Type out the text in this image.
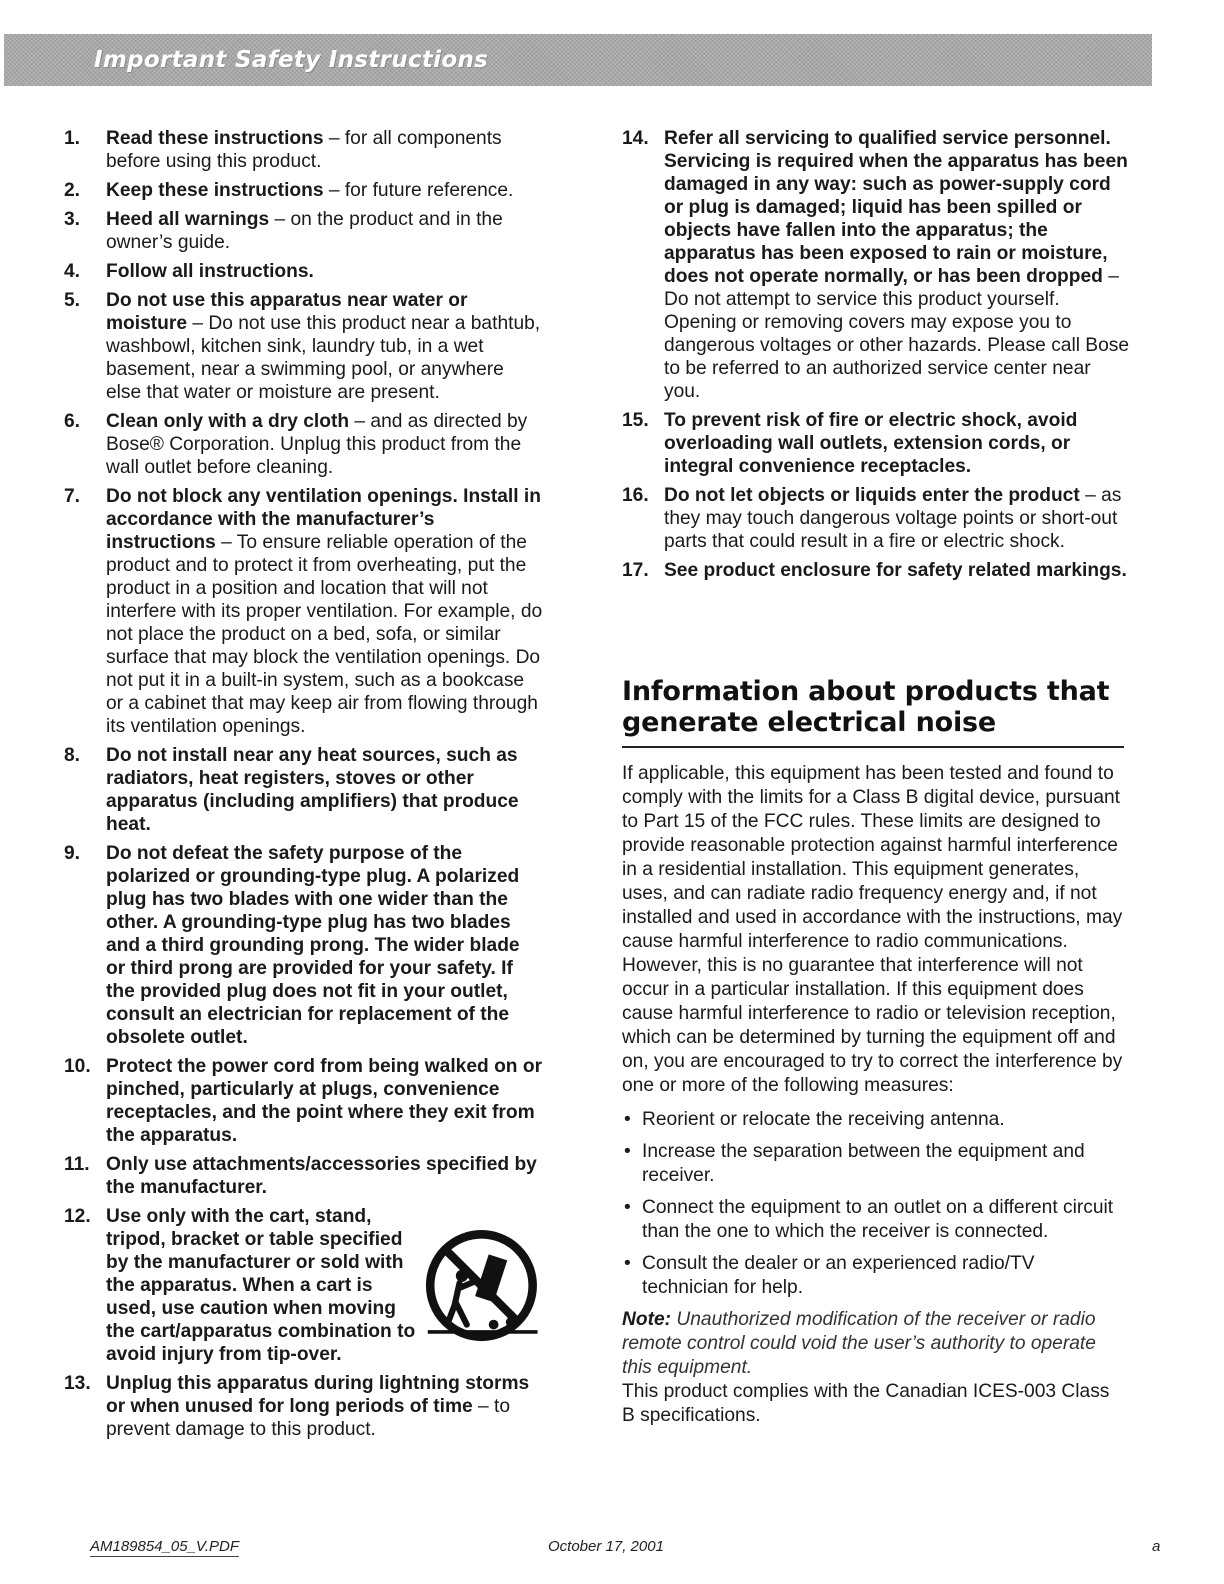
Important Safety Instructions
1.	Read these instructions – for all components before using this product.
2.	Keep these instructions – for future reference.
3.	Heed all warnings – on the product and in the owner’s guide.
4.	Follow all instructions.
5.	Do not use this apparatus near water or moisture – Do not use this product near a bathtub, washbowl, kitchen sink, laundry tub, in a wet basement, near a swimming pool, or anywhere else that water or moisture are present.
6.	Clean only with a dry cloth – and as directed by Bose® Corporation. Unplug this product from the wall outlet before cleaning.
7.	Do not block any ventilation openings. Install in accordance with the manufacturer’s instructions – To ensure reliable operation of the product and to protect it from overheating, put the product in a position and location that will not interfere with its proper ventilation. For example, do not place the product on a bed, sofa, or similar surface that may block the ventilation openings. Do not put it in a built-in system, such as a bookcase or a cabinet that may keep air from flowing through its ventilation openings.
8.	Do not install near any heat sources, such as radiators, heat registers, stoves or other apparatus (including amplifiers) that produce heat.
9.	Do not defeat the safety purpose of the polarized or grounding-type plug. A polarized plug has two blades with one wider than the other. A grounding-type plug has two blades and a third grounding prong. The wider blade or third prong are provided for your safety. If the provided plug does not fit in your outlet, consult an electrician for replacement of the obsolete outlet.
10. Protect the power cord from being walked on or pinched, particularly at plugs, convenience receptacles, and the point where they exit from the apparatus.
11. Only use attachments/accessories specified by the manufacturer.
12. Use only with the cart, stand, tripod, bracket or table specified by the manufacturer or sold with the apparatus. When a cart is used, use caution when moving the cart/apparatus combination to avoid injury from tip-over.
13. Unplug this apparatus during lightning storms or when unused for long periods of time – to prevent damage to this product.
14. Refer all servicing to qualified service personnel. Servicing is required when the apparatus has been damaged in any way: such as power-supply cord or plug is damaged; liquid has been spilled or objects have fallen into the apparatus; the apparatus has been exposed to rain or moisture, does not operate normally, or has been dropped – Do not attempt to service this product yourself. Opening or removing covers may expose you to dangerous voltages or other hazards. Please call Bose to be referred to an authorized service center near you.
15. To prevent risk of fire or electric shock, avoid overloading wall outlets, extension cords, or integral convenience receptacles.
16. Do not let objects or liquids enter the product – as they may touch dangerous voltage points or short-out parts that could result in a fire or electric shock.
17. See product enclosure for safety related markings.
Information about products that generate electrical noise

If applicable, this equipment has been tested and found to comply with the limits for a Class B digital device, pursuant to Part 15 of the FCC rules. These limits are designed to provide reasonable protection against harmful interference in a residential installation. This equipment generates, uses, and can radiate radio frequency energy and, if not installed and used in accordance with the instructions, may cause harmful interference to radio communications. However, this is no guarantee that interference will not occur in a particular installation. If this equipment does cause harmful interference to radio or television reception, which can be determined by turning the equipment off and on, you are encouraged to try to correct the interference by one or more of the following measures:

• Reorient or relocate the receiving antenna.
• Increase the separation between the equipment and receiver.
• Connect the equipment to an outlet on a different circuit than the one to which the receiver is connected.
• Consult the dealer or an experienced radio/TV technician for help.

Note: Unauthorized modification of the receiver or radio remote control could void the user’s authority to operate this equipment.

This product complies with the Canadian ICES-003 Class B specifications.

AM189854_05_V.PDF	October 17, 2001	a
